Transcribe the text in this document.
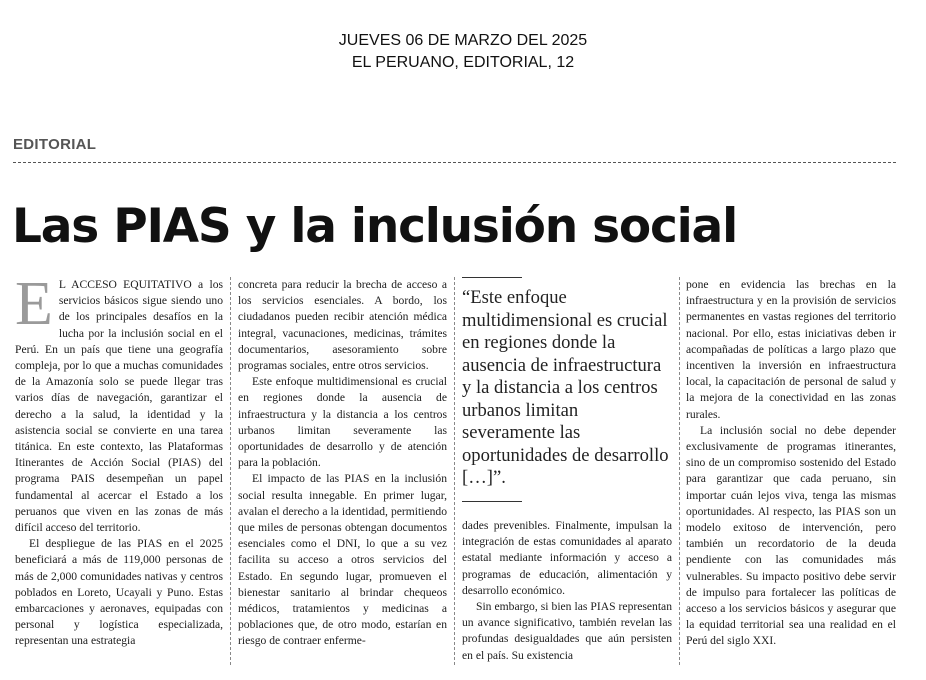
JUEVES 06 DE MARZO DEL 2025
EL PERUANO, EDITORIAL, 12
EDITORIAL
Las PIAS y la inclusión social
E L ACCESO EQUITATIVO a los servicios básicos sigue siendo uno de los principales desafíos en la lucha por la inclusión social en el Perú. En un país que tiene una geografía compleja, por lo que a muchas comunidades de la Amazonía solo se puede llegar tras varios días de navegación, garantizar el derecho a la salud, la identidad y la asistencia social se convierte en una tarea titánica. En este contexto, las Plataformas Itinerantes de Acción Social (PIAS) del programa PAIS desempeñan un papel fundamental al acercar el Estado a los peruanos que viven en las zonas de más difícil acceso del territorio.

El despliegue de las PIAS en el 2025 beneficiará a más de 119,000 personas de más de 2,000 comunidades nativas y centros poblados en Loreto, Ucayali y Puno. Estas embarcaciones y aeronaves, equipadas con personal y logística especializada, representan una estrategia

concreta para reducir la brecha de acceso a los servicios esenciales. A bordo, los ciudadanos pueden recibir atención médica integral, vacunaciones, medicinas, trámites documentarios, asesoramiento sobre programas sociales, entre otros servicios.

Este enfoque multidimensional es crucial en regiones donde la ausencia de infraestructura y la distancia a los centros urbanos limitan severamente las oportunidades de desarrollo y de atención para la población.

El impacto de las PIAS en la inclusión social resulta innegable. En primer lugar, avalan el derecho a la identidad, permitiendo que miles de personas obtengan documentos esenciales como el DNI, lo que a su vez facilita su acceso a otros servicios del Estado. En segundo lugar, promueven el bienestar sanitario al brindar chequeos médicos, tratamientos y medicinas a poblaciones que, de otro modo, estarían en riesgo de contraer enferme-

“Este enfoque multidimensional es crucial en regiones donde la ausencia de infraestructura y la distancia a los centros urbanos limitan severamente las oportunidades de desarrollo […]”.

dades prevenibles. Finalmente, impulsan la integración de estas comunidades al aparato estatal mediante información y acceso a programas de educación, alimentación y desarrollo económico.

Sin embargo, si bien las PIAS representan un avance significativo, también revelan las profundas desigualdades que aún persisten en el país. Su existencia

pone en evidencia las brechas en la infraestructura y en la provisión de servicios permanentes en vastas regiones del territorio nacional. Por ello, estas iniciativas deben ir acompañadas de políticas a largo plazo que incentiven la inversión en infraestructura local, la capacitación de personal de salud y la mejora de la conectividad en las zonas rurales.

La inclusión social no debe depender exclusivamente de programas itinerantes, sino de un compromiso sostenido del Estado para garantizar que cada peruano, sin importar cuán lejos viva, tenga las mismas oportunidades. Al respecto, las PIAS son un modelo exitoso de intervención, pero también un recordatorio de la deuda pendiente con las comunidades más vulnerables. Su impacto positivo debe servir de impulso para fortalecer las políticas de acceso a los servicios básicos y asegurar que la equidad territorial sea una realidad en el Perú del siglo XXI.
